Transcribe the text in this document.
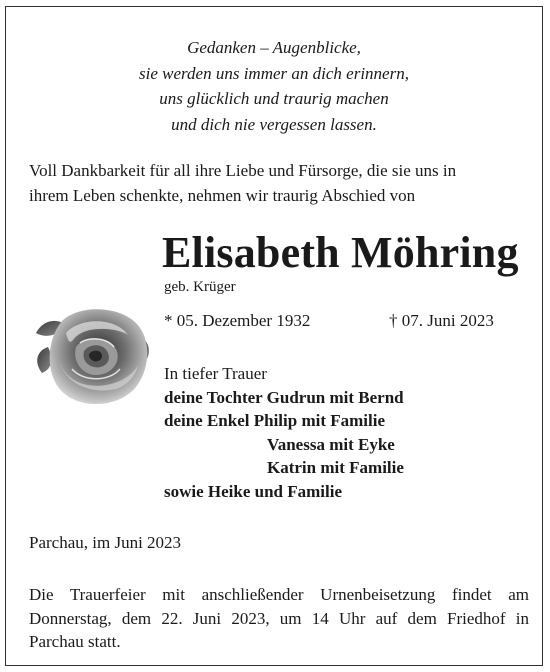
Gedanken – Augenblicke,
sie werden uns immer an dich erinnern,
uns glücklich und traurig machen
und dich nie vergessen lassen.
Voll Dankbarkeit für all ihre Liebe und Fürsorge, die sie uns in
ihrem Leben schenkte, nehmen wir traurig Abschied von
Elisabeth Möhring
geb. Krüger
* 05. Dezember 1932	† 07. Juni 2023
In tiefer Trauer
deine Tochter Gudrun mit Bernd
deine Enkel Philip mit Familie
Vanessa mit Eyke
Katrin mit Familie
sowie Heike und Familie
Parchau, im Juni 2023
Die Trauerfeier mit anschließender Urnenbeisetzung findet am
Donnerstag, dem 22. Juni 2023, um 14 Uhr auf dem Friedhof in
Parchau statt.
